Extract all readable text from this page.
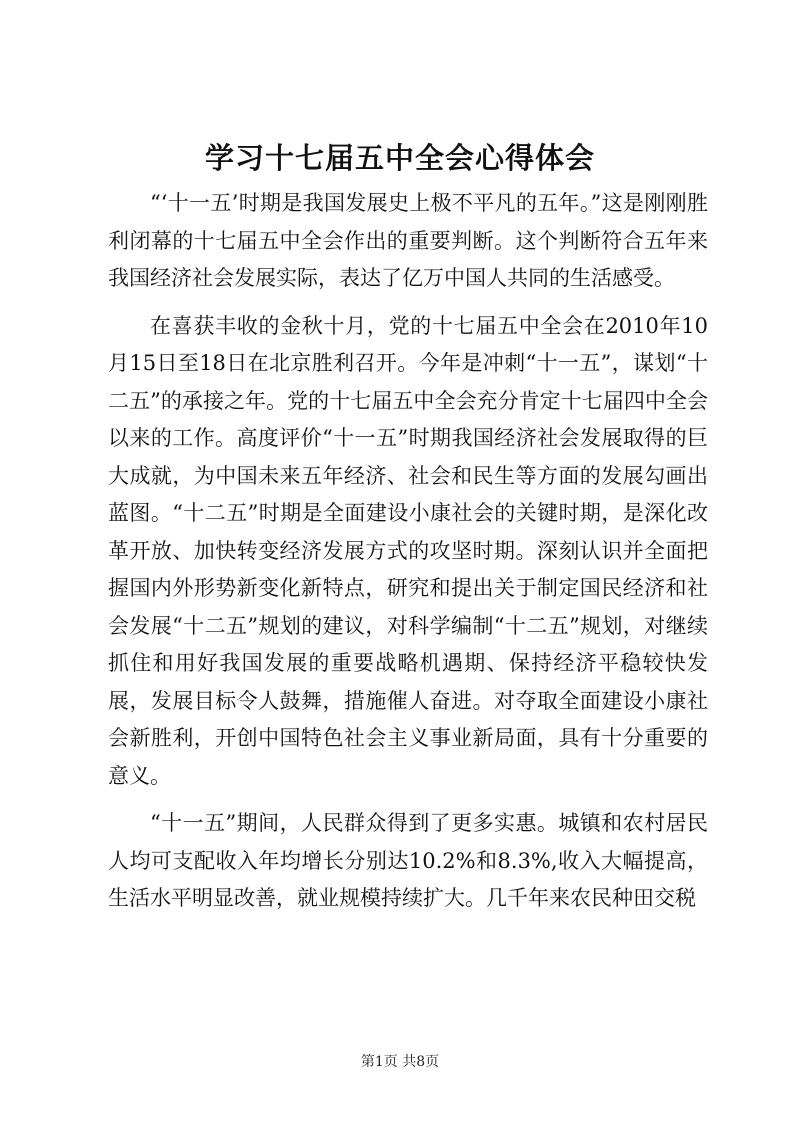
学习十七届五中全会心得体会

“‘十一五’时期是我国发展史上极不平凡的五年。”这是刚刚胜利闭幕的十七届五中全会作出的重要判断。这个判断符合五年来我国经济社会发展实际，表达了亿万中国人共同的生活感受。

在喜获丰收的金秋十月，党的十七届五中全会在2010年10月15日至18日在北京胜利召开。今年是冲刺“十一五”，谋划“十二五”的承接之年。党的十七届五中全会充分肯定十七届四中全会以来的工作。高度评价“十一五”时期我国经济社会发展取得的巨大成就，为中国未来五年经济、社会和民生等方面的发展勾画出蓝图。“十二五”时期是全面建设小康社会的关键时期，是深化改革开放、加快转变经济发展方式的攻坚时期。深刻认识并全面把握国内外形势新变化新特点，研究和提出关于制定国民经济和社会发展“十二五”规划的建议，对科学编制“十二五”规划，对继续抓住和用好我国发展的重要战略机遇期、保持经济平稳较快发展，发展目标令人鼓舞，措施催人奋进。对夺取全面建设小康社会新胜利，开创中国特色社会主义事业新局面，具有十分重要的意义。

“十一五”期间，人民群众得到了更多实惠。城镇和农村居民人均可支配收入年均增长分别达10.2%和8.3%,收入大幅提高，生活水平明显改善，就业规模持续扩大。几千年来农民种田交税

第1页 共8页
